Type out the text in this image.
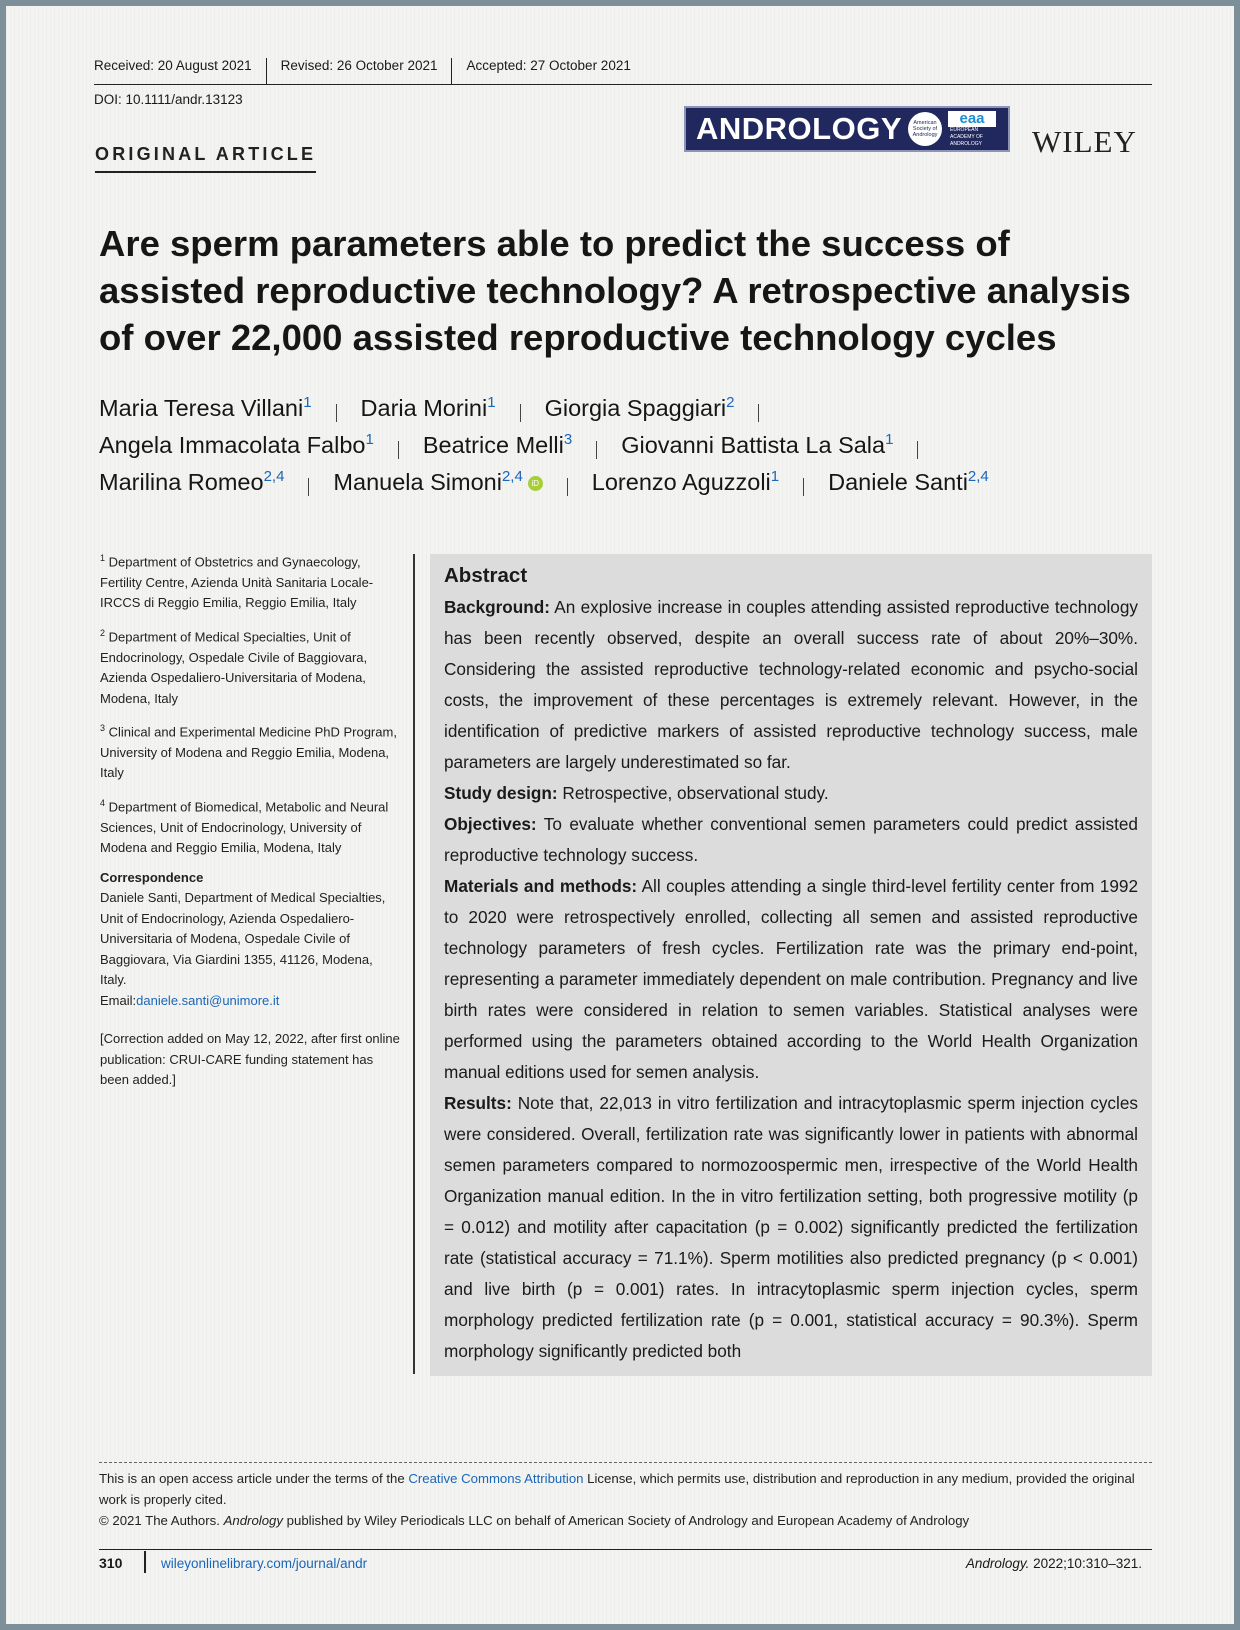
Received: 20 August 2021	Revised: 26 October 2021	Accepted: 27 October 2021
DOI: 10.1111/andr.13123
ORIGINAL ARTICLE
ANDROLOGY	American Society of Andrology
eaa
EUROPEAN ACADEMY OF ANDROLOGY	WILEY
Are sperm parameters able to predict the success of assisted reproductive technology? A retrospective analysis of over 22,000 assisted reproductive technology cycles
Maria Teresa Villani$^1$ Daria Morini$^1$ Giorgia Spaggiari$^2$
Angela Immacolata Falbo$^1$ Beatrice Melli$^3$ Giovanni Battista La Sala$^1$
Marilina Romeo$^{2,4}$ Manuela Simoni$^{2,4}$ iD Lorenzo Aguzzoli$^1$ Daniele Santi$^{2,4}$

$^1$ Department of Obstetrics and Gynaecology, Fertility Centre, Azienda Unità Sanitaria Locale-IRCCS di Reggio Emilia, Reggio Emilia, Italy

$^2$ Department of Medical Specialties, Unit of Endocrinology, Ospedale Civile of Baggiovara, Azienda Ospedaliero-Universitaria of Modena, Modena, Italy

$^3$ Clinical and Experimental Medicine PhD Program, University of Modena and Reggio Emilia, Modena, Italy

$^4$ Department of Biomedical, Metabolic and Neural Sciences, Unit of Endocrinology, University of Modena and Reggio Emilia, Modena, Italy

Correspondence

Daniele Santi, Department of Medical Specialties, Unit of Endocrinology, Azienda Ospedaliero-Universitaria of Modena, Ospedale Civile of Baggiovara, Via Giardini 1355, 41126, Modena, Italy.
Email:daniele.santi@unimore.it

[Correction added on May 12, 2022, after first online publication: CRUI-CARE funding statement has been added.]

Abstract

Background: An explosive increase in couples attending assisted reproductive technology has been recently observed, despite an overall success rate of about 20%–30%. Considering the assisted reproductive technology-related economic and psycho-social costs, the improvement of these percentages is extremely relevant. However, in the identification of predictive markers of assisted reproductive technology success, male parameters are largely underestimated so far.

Study design: Retrospective, observational study.

Objectives: To evaluate whether conventional semen parameters could predict assisted reproductive technology success.

Materials and methods: All couples attending a single third-level fertility center from 1992 to 2020 were retrospectively enrolled, collecting all semen and assisted reproductive technology parameters of fresh cycles. Fertilization rate was the primary end-point, representing a parameter immediately dependent on male contribution. Pregnancy and live birth rates were considered in relation to semen variables. Statistical analyses were performed using the parameters obtained according to the World Health Organization manual editions used for semen analysis.

Results: Note that, 22,013 in vitro fertilization and intracytoplasmic sperm injection cycles were considered. Overall, fertilization rate was significantly lower in patients with abnormal semen parameters compared to normozoospermic men, irrespective of the World Health Organization manual edition. In the in vitro fertilization setting, both progressive motility (p = 0.012) and motility after capacitation (p = 0.002) significantly predicted the fertilization rate (statistical accuracy = 71.1%). Sperm motilities also predicted pregnancy (p < 0.001) and live birth (p = 0.001) rates. In intracytoplasmic sperm injection cycles, sperm morphology predicted fertilization rate (p = 0.001, statistical accuracy = 90.3%). Sperm morphology significantly predicted both

This is an open access article under the terms of the Creative Commons Attribution License, which permits use, distribution and reproduction in any medium, provided the original work is properly cited.

© 2021 The Authors. Andrology published by Wiley Periodicals LLC on behalf of American Society of Andrology and European Academy of Andrology

310	wileyonlinelibrary.com/journal/andr	Andrology. 2022;10:310–321.
